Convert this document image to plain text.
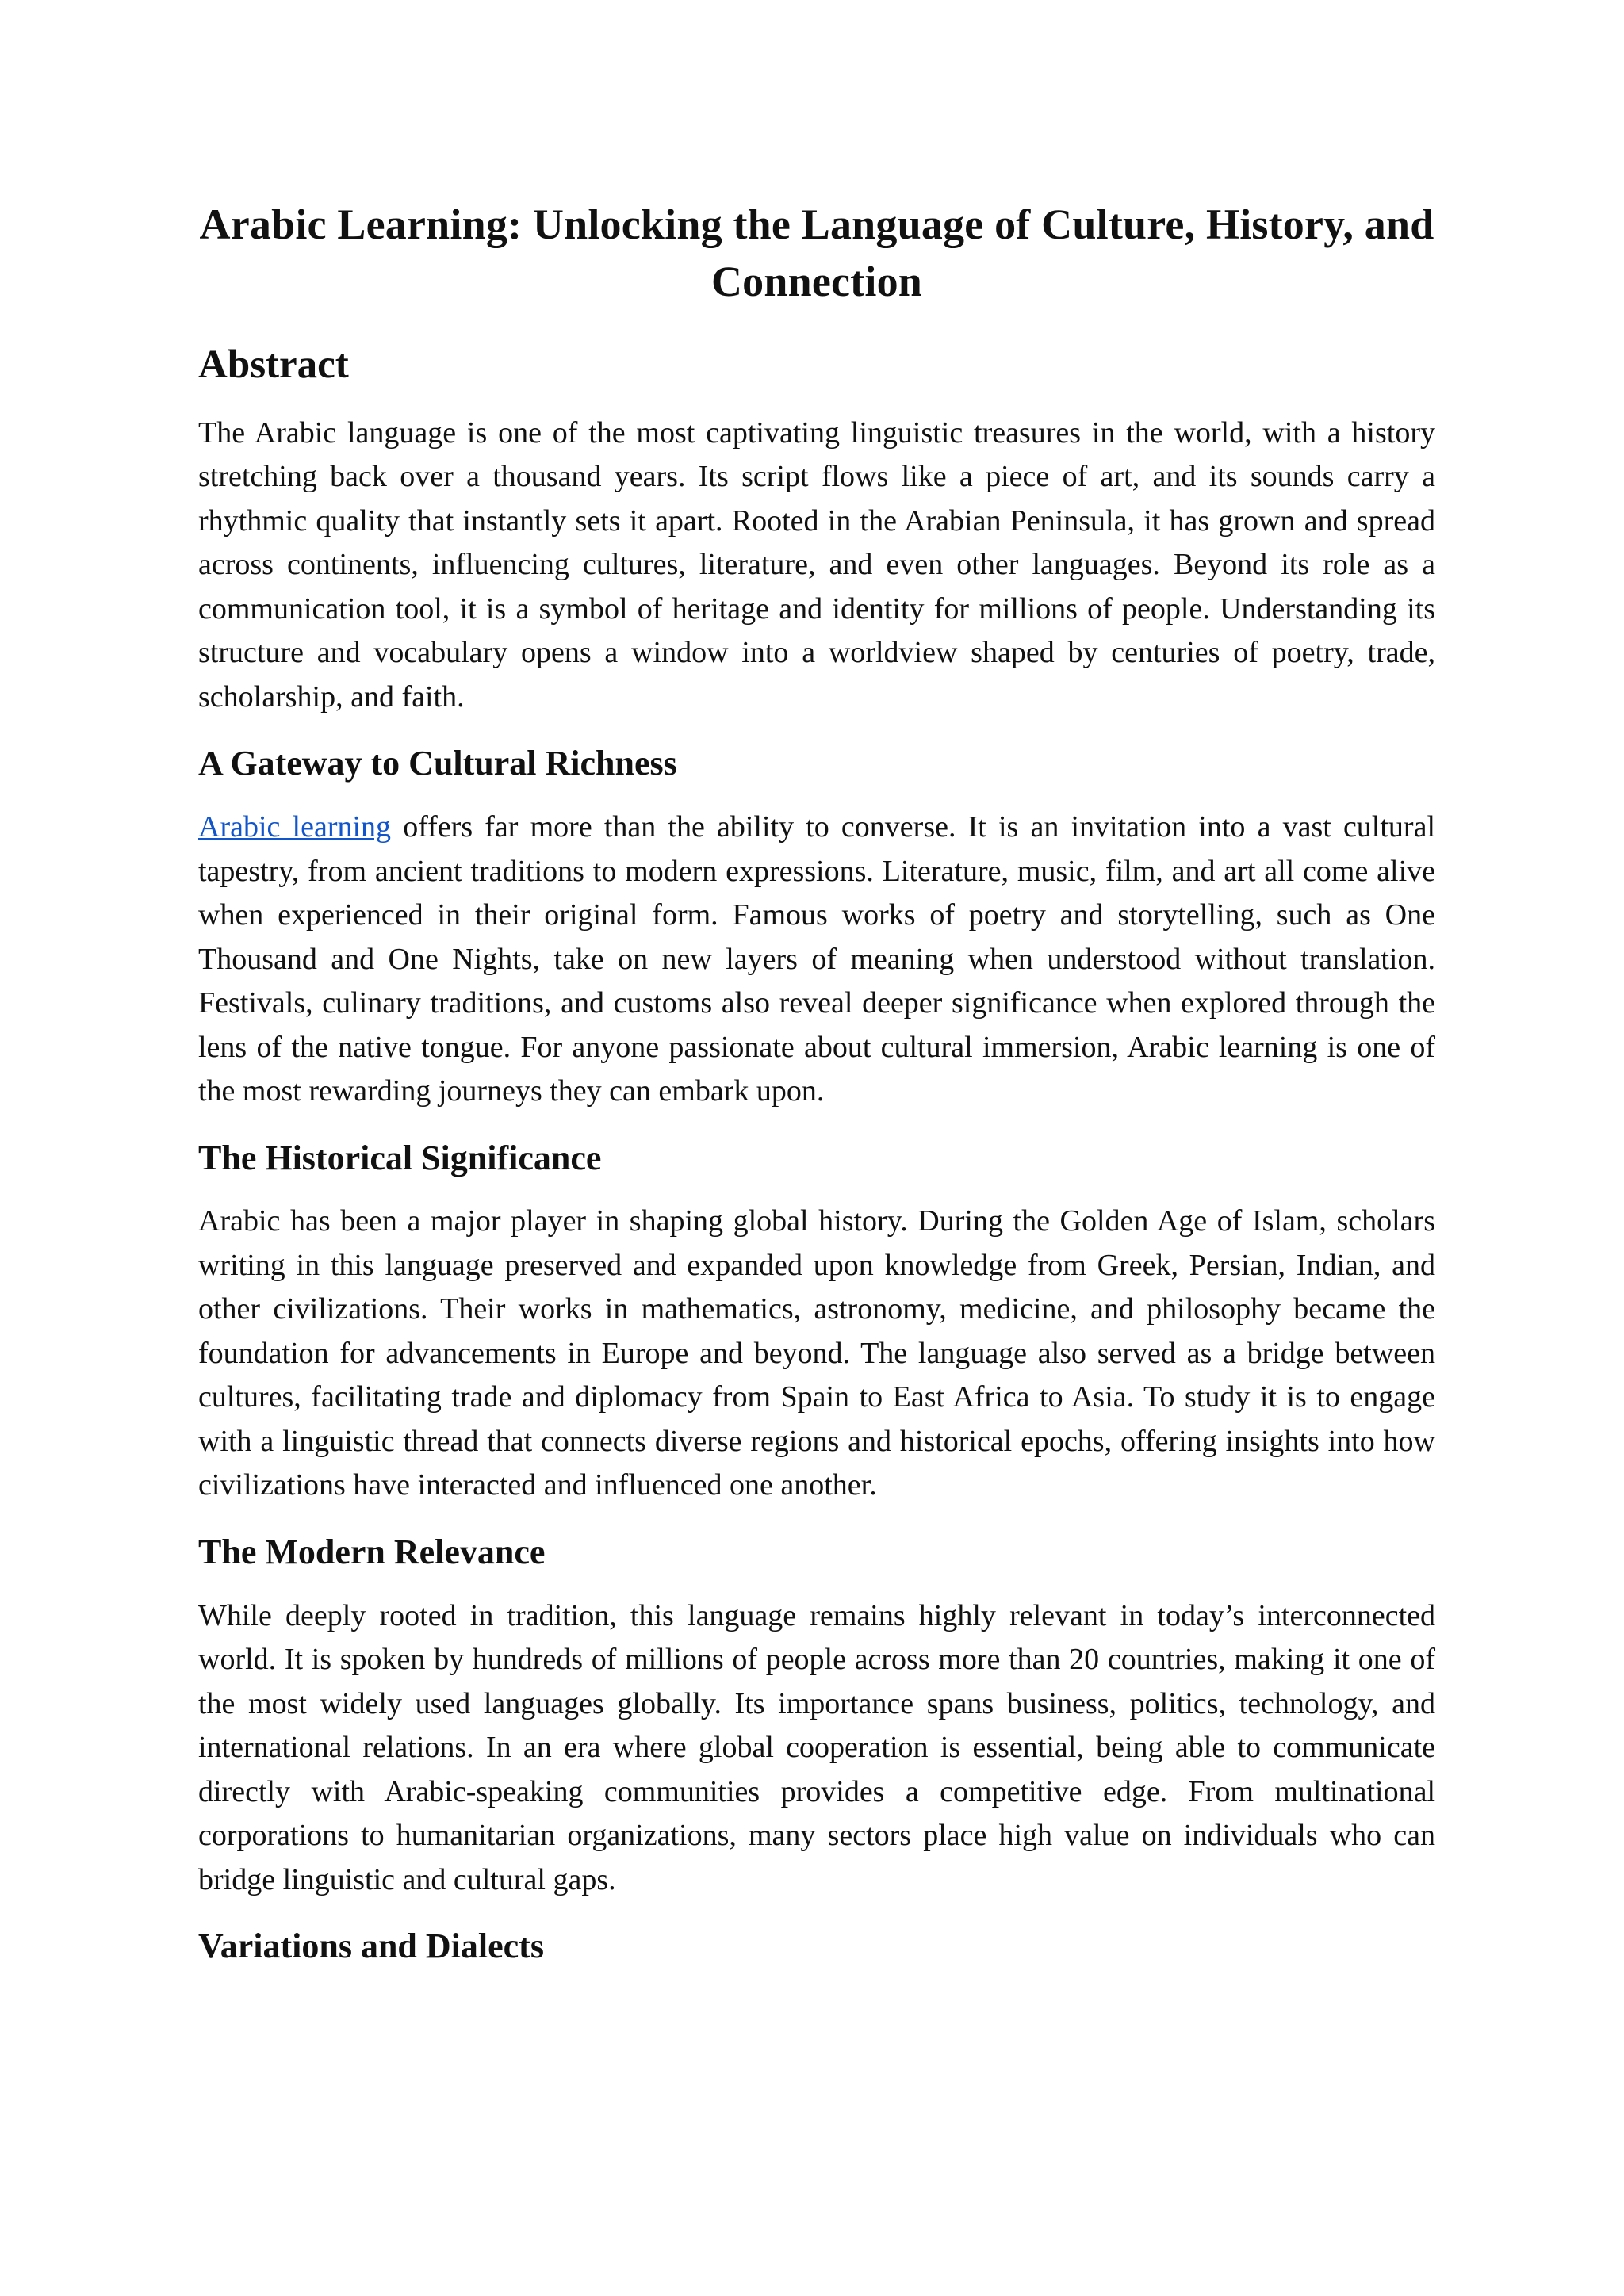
Arabic Learning: Unlocking the Language of Culture, History, and Connection
Abstract

The Arabic language is one of the most captivating linguistic treasures in the world, with a history stretching back over a thousand years. Its script flows like a piece of art, and its sounds carry a rhythmic quality that instantly sets it apart. Rooted in the Arabian Peninsula, it has grown and spread across continents, influencing cultures, literature, and even other languages. Beyond its role as a communication tool, it is a symbol of heritage and identity for millions of people. Understanding its structure and vocabulary opens a window into a worldview shaped by centuries of poetry, trade, scholarship, and faith.

A Gateway to Cultural Richness

Arabic learning offers far more than the ability to converse. It is an invitation into a vast cultural tapestry, from ancient traditions to modern expressions. Literature, music, film, and art all come alive when experienced in their original form. Famous works of poetry and storytelling, such as One Thousand and One Nights, take on new layers of meaning when understood without translation. Festivals, culinary traditions, and customs also reveal deeper significance when explored through the lens of the native tongue. For anyone passionate about cultural immersion, Arabic learning is one of the most rewarding journeys they can embark upon.

The Historical Significance

Arabic has been a major player in shaping global history. During the Golden Age of Islam, scholars writing in this language preserved and expanded upon knowledge from Greek, Persian, Indian, and other civilizations. Their works in mathematics, astronomy, medicine, and philosophy became the foundation for advancements in Europe and beyond. The language also served as a bridge between cultures, facilitating trade and diplomacy from Spain to East Africa to Asia. To study it is to engage with a linguistic thread that connects diverse regions and historical epochs, offering insights into how civilizations have interacted and influenced one another.

The Modern Relevance

While deeply rooted in tradition, this language remains highly relevant in today’s interconnected world. It is spoken by hundreds of millions of people across more than 20 countries, making it one of the most widely used languages globally. Its importance spans business, politics, technology, and international relations. In an era where global cooperation is essential, being able to communicate directly with Arabic-speaking communities provides a competitive edge. From multinational corporations to humanitarian organizations, many sectors place high value on individuals who can bridge linguistic and cultural gaps.

Variations and Dialects
